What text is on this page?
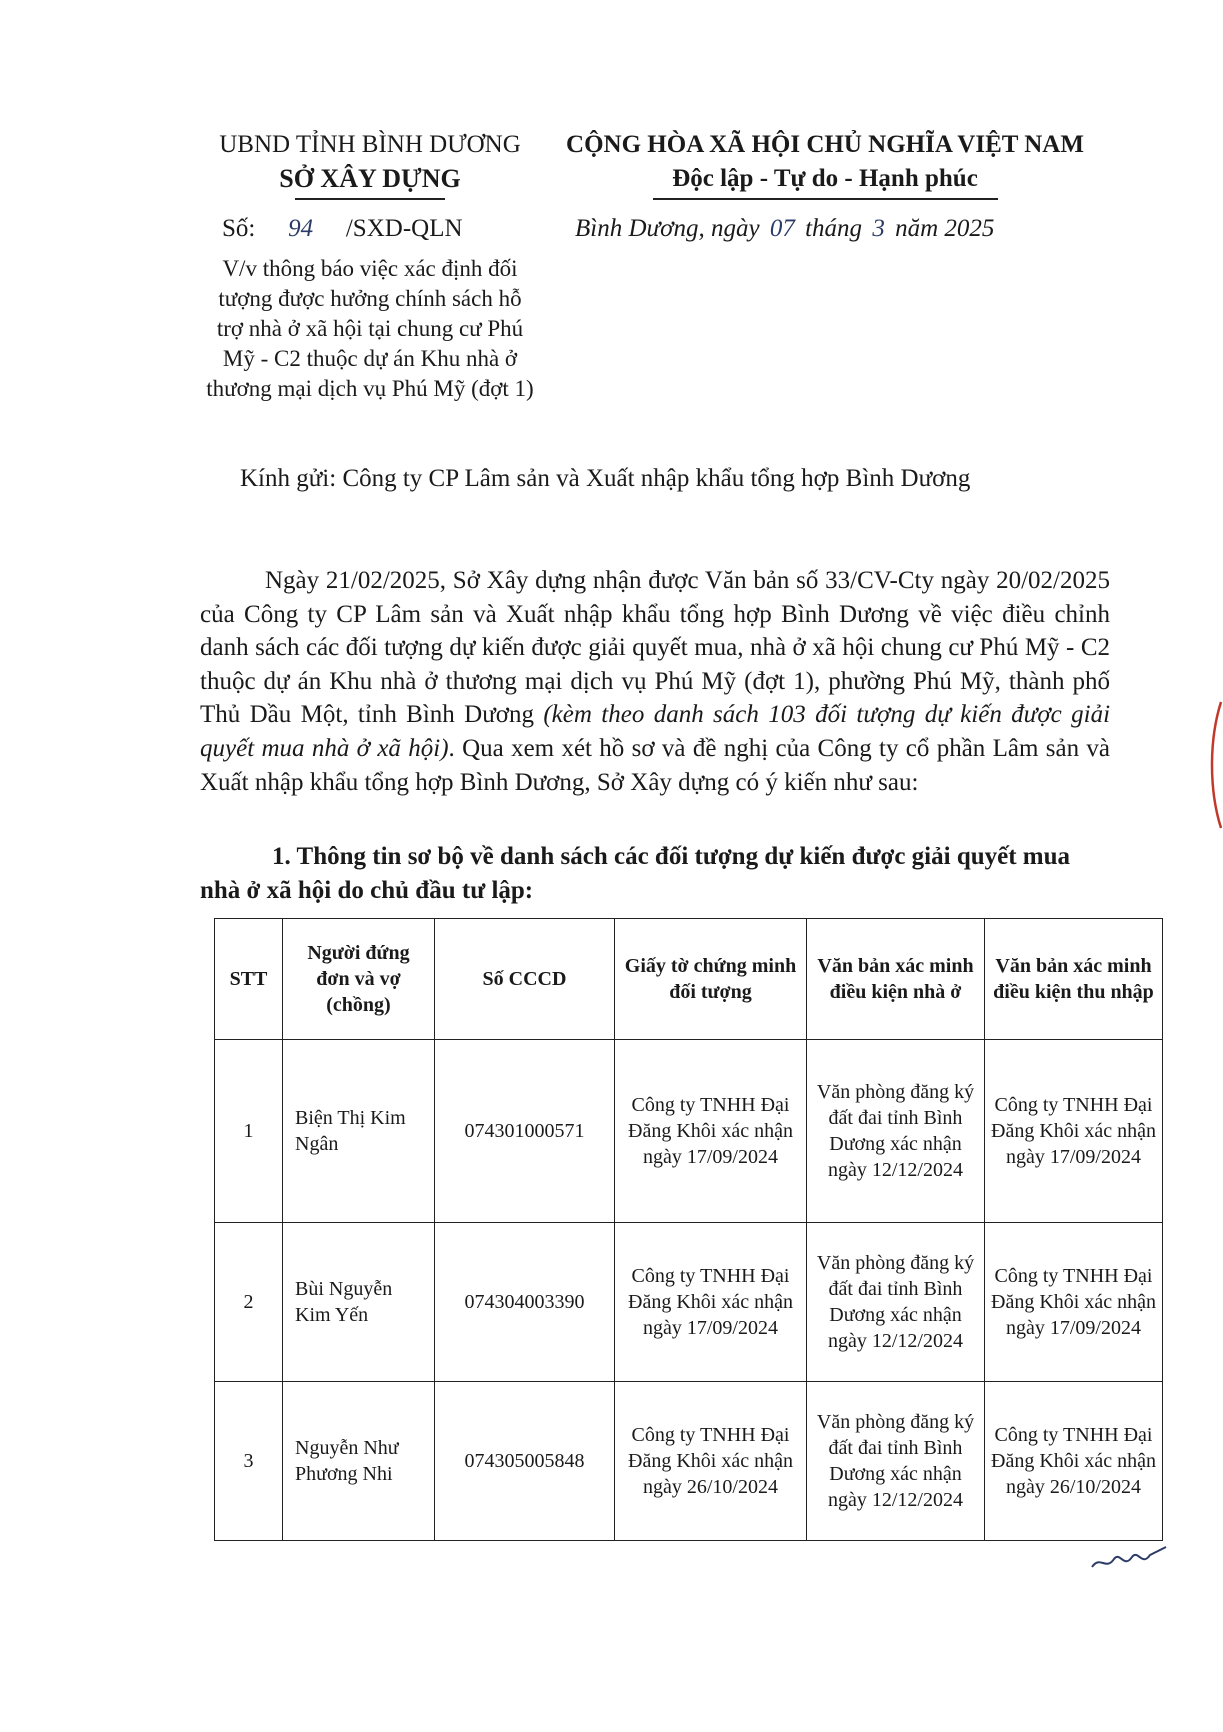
UBND TỈNH BÌNH DƯƠNG
SỞ XÂY DỰNG
CỘNG HÒA XÃ HỘI CHỦ NGHĨA VIỆT NAM
Độc lập - Tự do - Hạnh phúc
Số: 94 /SXD-QLN	Bình Dương, ngày 07 tháng 3 năm 2025
V/v thông báo việc xác định đối tượng được hưởng chính sách hỗ trợ nhà ở xã hội tại chung cư Phú Mỹ - C2 thuộc dự án Khu nhà ở thương mại dịch vụ Phú Mỹ (đợt 1)
Kính gửi: Công ty CP Lâm sản và Xuất nhập khẩu tổng hợp Bình Dương
Ngày 21/02/2025, Sở Xây dựng nhận được Văn bản số 33/CV-Cty ngày 20/02/2025 của Công ty CP Lâm sản và Xuất nhập khẩu tổng hợp Bình Dương về việc điều chỉnh danh sách các đối tượng dự kiến được giải quyết mua, nhà ở xã hội chung cư Phú Mỹ - C2 thuộc dự án Khu nhà ở thương mại dịch vụ Phú Mỹ (đợt 1), phường Phú Mỹ, thành phố Thủ Dầu Một, tỉnh Bình Dương (kèm theo danh sách 103 đối tượng dự kiến được giải quyết mua nhà ở xã hội). Qua xem xét hồ sơ và đề nghị của Công ty cổ phần Lâm sản và Xuất nhập khẩu tổng hợp Bình Dương, Sở Xây dựng có ý kiến như sau:
1. Thông tin sơ bộ về danh sách các đối tượng dự kiến được giải quyết mua nhà ở xã hội do chủ đầu tư lập:
STT	Người đứng đơn và vợ (chồng)	Số CCCD	Giấy tờ chứng minh đối tượng	Văn bản xác minh điều kiện nhà ở	Văn bản xác minh điều kiện thu nhập
1	Biện Thị Kim Ngân	074301000571	Công ty TNHH Đại Đăng Khôi xác nhận ngày 17/09/2024	Văn phòng đăng ký đất đai tỉnh Bình Dương xác nhận ngày 12/12/2024	Công ty TNHH Đại Đăng Khôi xác nhận ngày 17/09/2024
2	Bùi Nguyễn Kim Yến	074304003390	Công ty TNHH Đại Đăng Khôi xác nhận ngày 17/09/2024	Văn phòng đăng ký đất đai tỉnh Bình Dương xác nhận ngày 12/12/2024	Công ty TNHH Đại Đăng Khôi xác nhận ngày 17/09/2024
3	Nguyễn Như Phương Nhi	074305005848	Công ty TNHH Đại Đăng Khôi xác nhận ngày 26/10/2024	Văn phòng đăng ký đất đai tỉnh Bình Dương xác nhận ngày 12/12/2024	Công ty TNHH Đại Đăng Khôi xác nhận ngày 26/10/2024
